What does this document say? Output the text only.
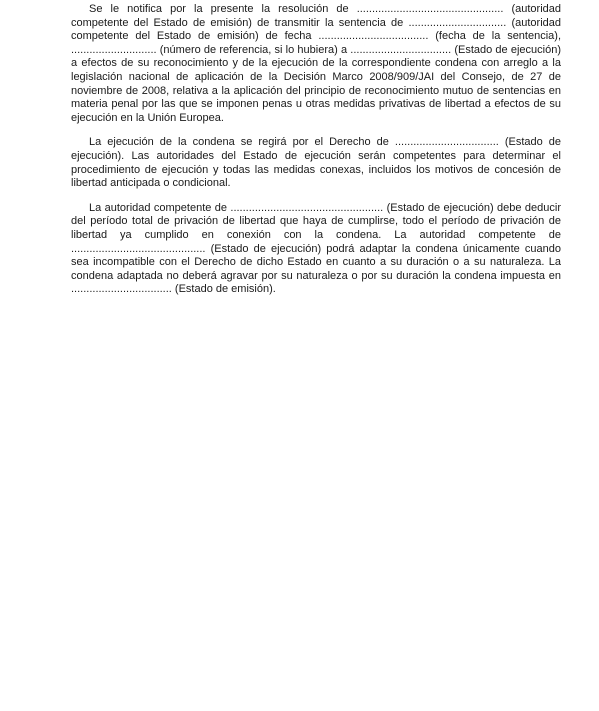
Se le notifica por la presente la resolución de ................................................ (autoridad competente del Estado de emisión) de transmitir la sentencia de ................................ (autoridad competente del Estado de emisión) de fecha .................................... (fecha de la sentencia), ............................ (número de referencia, si lo hubiera) a ................................. (Estado de ejecución) a efectos de su reconocimiento y de la ejecución de la correspondiente condena con arreglo a la legislación nacional de aplicación de la Decisión Marco 2008/909/JAI del Consejo, de 27 de noviembre de 2008, relativa a la aplicación del principio de reconocimiento mutuo de sentencias en materia penal por las que se imponen penas u otras medidas privativas de libertad a efectos de su ejecución en la Unión Europea.

La ejecución de la condena se regirá por el Derecho de .................................. (Estado de ejecución). Las autoridades del Estado de ejecución serán competentes para determinar el procedimiento de ejecución y todas las medidas conexas, incluidos los motivos de concesión de libertad anticipada o condicional.

La autoridad competente de .................................................. (Estado de ejecución) debe deducir del período total de privación de libertad que haya de cumplirse, todo el período de privación de libertad ya cumplido en conexión con la condena. La autoridad competente de ............................................ (Estado de ejecución) podrá adaptar la condena únicamente cuando sea incompatible con el Derecho de dicho Estado en cuanto a su duración o a su naturaleza. La condena adaptada no deberá agravar por su naturaleza o por su duración la condena impuesta en ................................. (Estado de emisión).
